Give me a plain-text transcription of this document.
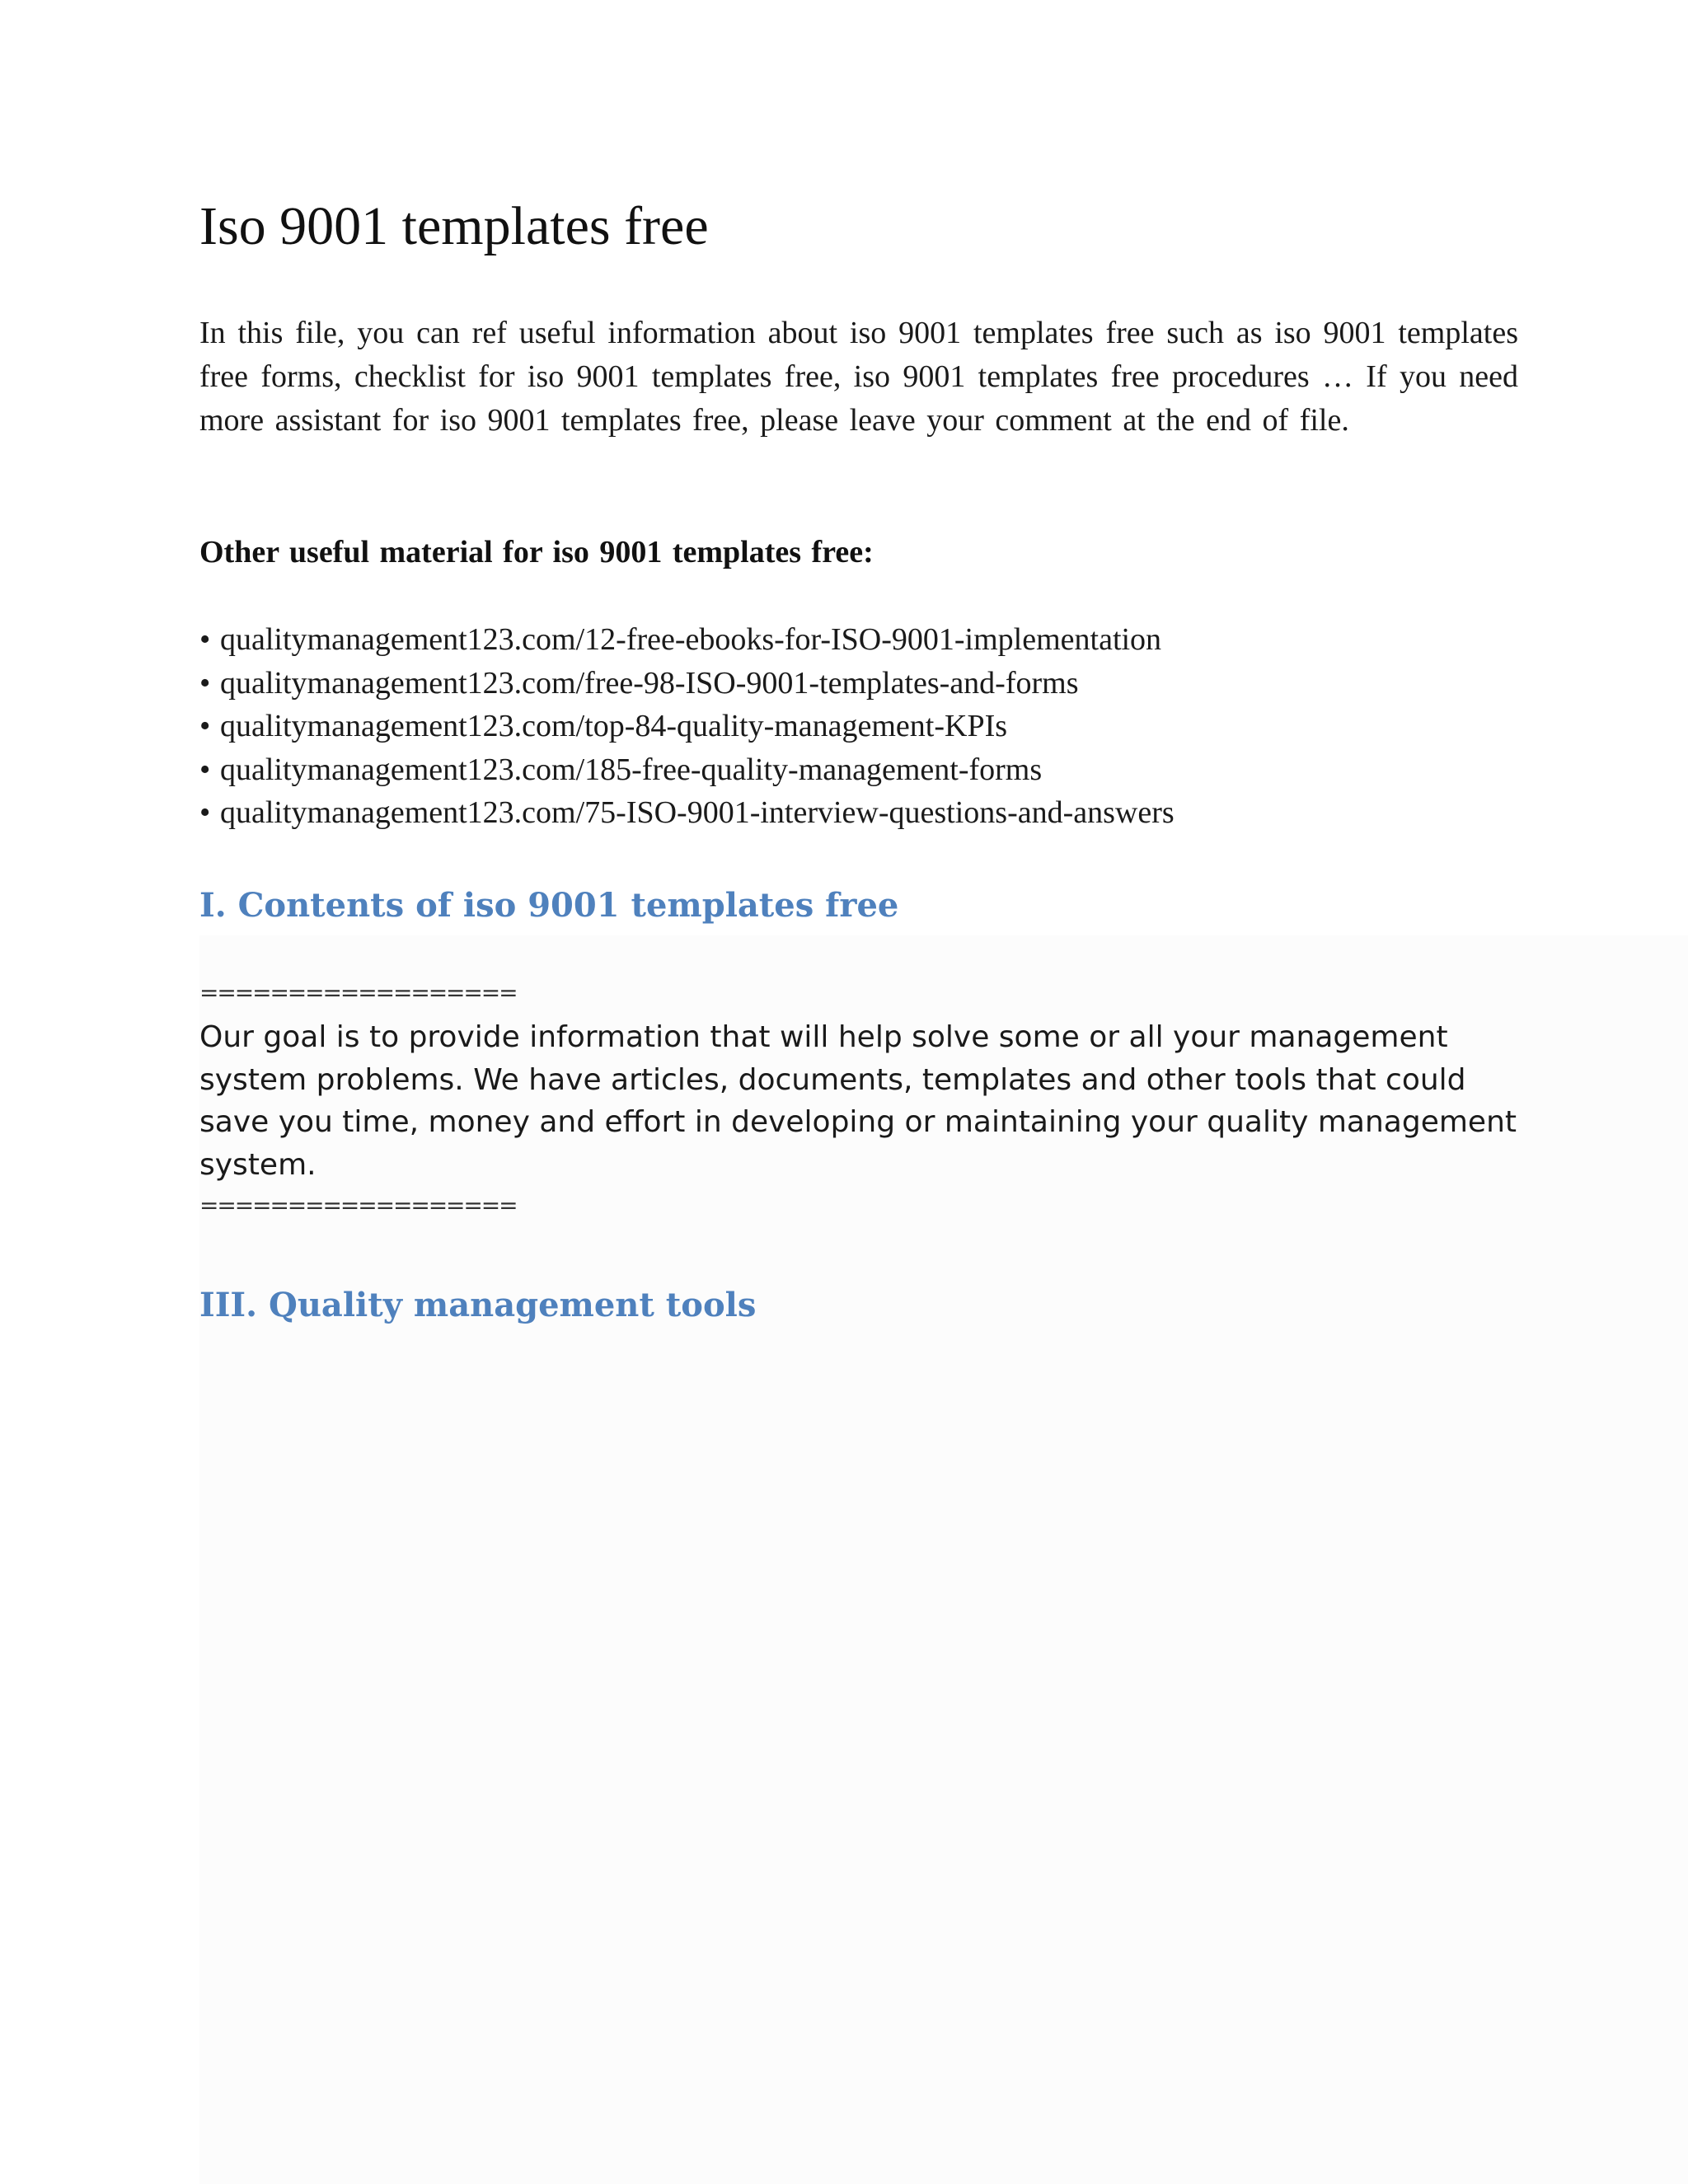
Iso 9001 templates free

In this file, you can ref useful information about iso 9001 templates free such as iso 9001 templates free forms, checklist for iso 9001 templates free, iso 9001 templates free procedures … If you need more assistant for iso 9001 templates free, please leave your comment at the end of file.

Other useful material for iso 9001 templates free:

• qualitymanagement123.com/12-free-ebooks-for-ISO-9001-implementation
• qualitymanagement123.com/free-98-ISO-9001-templates-and-forms
• qualitymanagement123.com/top-84-quality-management-KPIs
• qualitymanagement123.com/185-free-quality-management-forms
• qualitymanagement123.com/75-ISO-9001-interview-questions-and-answers
I. Contents of iso 9001 templates free
==================

Our goal is to provide information that will help solve some or all your management system problems. We have articles, documents, templates and other tools that could save you time, money and effort in developing or maintaining your quality management system.

==================
III. Quality management tools
